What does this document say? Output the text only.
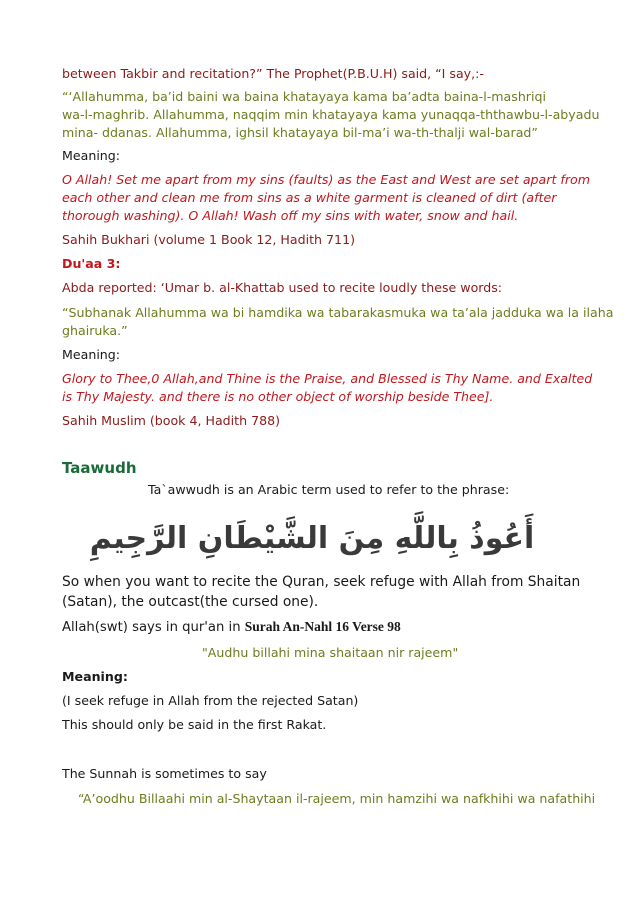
between Takbir and recitation?” The Prophet(P.B.U.H) said, “I say,:-

“‘Allahumma, ba’id baini wa baina khatayaya kama ba’adta baina-l-mashriqi

wa-l-maghrib. Allahumma, naqqim min khatayaya kama yunaqqa-ththawbu-l-abyadu

mina- ddanas. Allahumma, ighsil khatayaya bil-ma’i wa-th-thalji wal-barad”

Meaning:

O Allah! Set me apart from my sins (faults) as the East and West are set apart from

each other and clean me from sins as a white garment is cleaned of dirt (after

thorough washing). O Allah! Wash off my sins with water, snow and hail.

Sahih Bukhari (volume 1 Book 12, Hadith 711)

Du'aa 3:

Abda reported: ‘Umar b. al-Khattab used to recite loudly these words:

“Subhanak Allahumma wa bi hamdika wa tabarakasmuka wa ta’ala jadduka wa la ilaha

ghairuka.”

Meaning:

Glory to Thee,0 Allah,and Thine is the Praise, and Blessed is Thy Name. and Exalted

is Thy Majesty. and there is no other object of worship beside Thee].

Sahih Muslim (book 4, Hadith 788)

Taawudh

Ta`awwudh is an Arabic term used to refer to the phrase:

أَعُوذُ بِاللَّهِ مِنَ الشَّيْطَانِ الرَّجِيمِ

So when you want to recite the Quran, seek refuge with Allah from Shaitan

(Satan), the outcast(the cursed one).

Allah(swt) says in qur'an in Surah An-Nahl 16 Verse 98

"Audhu billahi mina shaitaan nir rajeem"

Meaning:

(I seek refuge in Allah from the rejected Satan)

This should only be said in the first Rakat.

The Sunnah is sometimes to say

“A’oodhu Billaahi min al-Shaytaan il-rajeem, min hamzihi wa nafkhihi wa nafathihi
